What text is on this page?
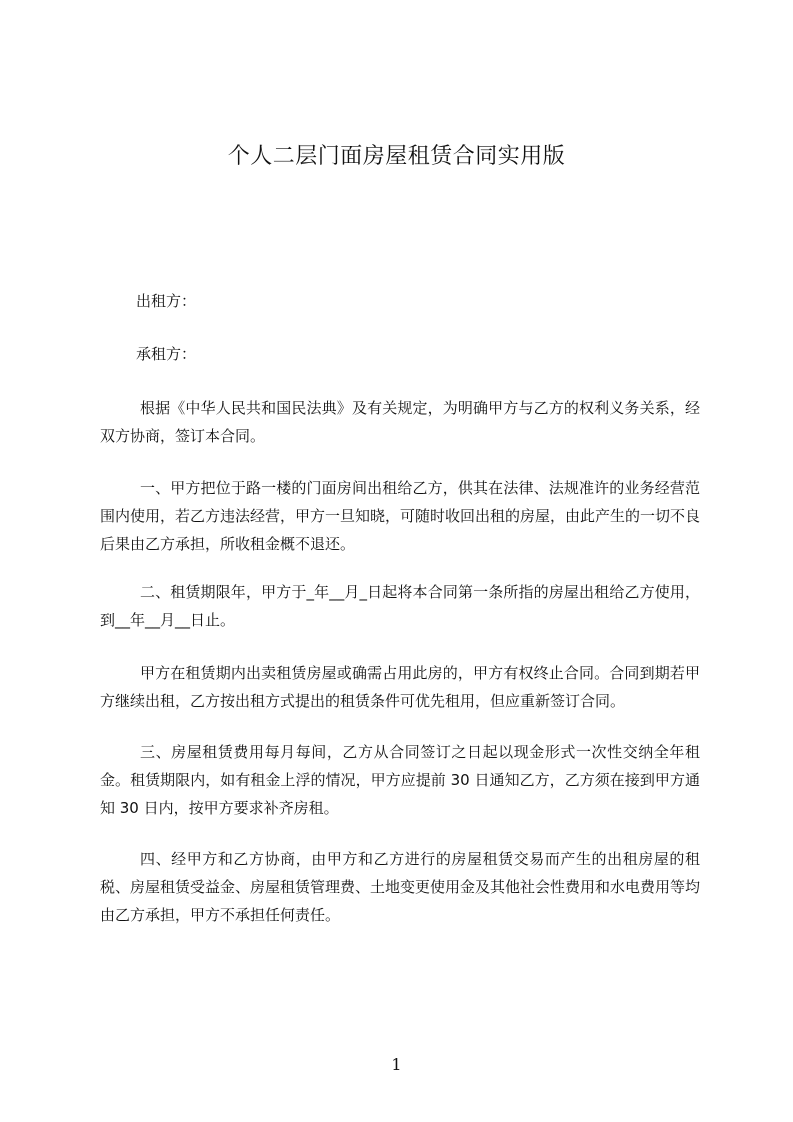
个人二层门面房屋租赁合同实用版
出租方：
承租方：
根据《中华人民共和国民法典》及有关规定，为明确甲方与乙方的权利义务关系，经双方协商，签订本合同。
一、甲方把位于路一楼的门面房间出租给乙方，供其在法律、法规准许的业务经营范围内使用，若乙方违法经营，甲方一旦知晓，可随时收回出租的房屋，由此产生的一切不良后果由乙方承担，所收租金概不退还。
二、租赁期限年，甲方于_年__月_日起将本合同第一条所指的房屋出租给乙方使用，到__年__月__日止。
甲方在租赁期内出卖租赁房屋或确需占用此房的，甲方有权终止合同。合同到期若甲方继续出租，乙方按出租方式提出的租赁条件可优先租用，但应重新签订合同。
三、房屋租赁费用每月每间，乙方从合同签订之日起以现金形式一次性交纳全年租金。租赁期限内，如有租金上浮的情况，甲方应提前 30 日通知乙方，乙方须在接到甲方通知 30 日内，按甲方要求补齐房租。
四、经甲方和乙方协商，由甲方和乙方进行的房屋租赁交易而产生的出租房屋的租税、房屋租赁受益金、房屋租赁管理费、土地变更使用金及其他社会性费用和水电费用等均由乙方承担，甲方不承担任何责任。
1
